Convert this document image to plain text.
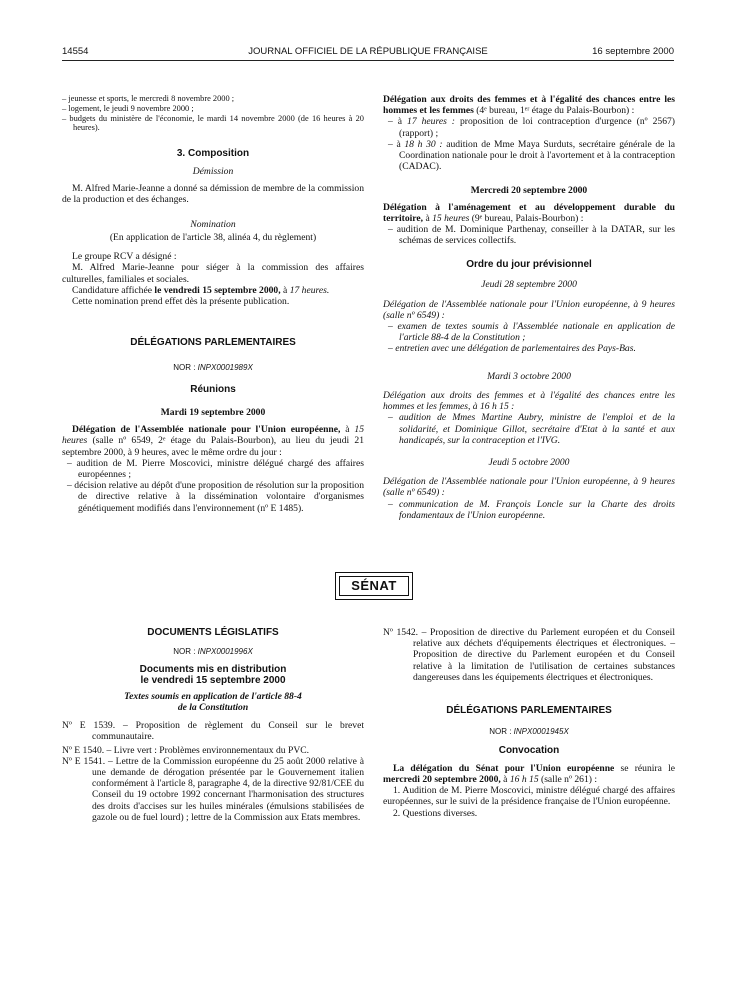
14554	JOURNAL OFFICIEL DE LA RÉPUBLIQUE FRANÇAISE	16 septembre 2000

– jeunesse et sports, le mercredi 8 novembre 2000 ;

– logement, le jeudi 9 novembre 2000 ;

– budgets du ministère de l'économie, le mardi 14 novembre 2000 (de 16 heures à 20 heures).

3. Composition

Démission

M. Alfred Marie-Jeanne a donné sa démission de membre de la commission de la production et des échanges.

Nomination

(En application de l'article 38, alinéa 4, du règlement)

Le groupe RCV a désigné :

M. Alfred Marie-Jeanne pour siéger à la commission des affaires culturelles, familiales et sociales.

Candidature affichée le vendredi 15 septembre 2000, à 17 heures.

Cette nomination prend effet dès la présente publication.

DÉLÉGATIONS PARLEMENTAIRES

NOR : INPX0001989X

Réunions

Mardi 19 septembre 2000

Délégation de l'Assemblée nationale pour l'Union européenne, à 15 heures (salle nº 6549, 2ᵉ étage du Palais-Bourbon), au lieu du jeudi 21 septembre 2000, à 9 heures, avec le même ordre du jour :

– audition de M. Pierre Moscovici, ministre délégué chargé des affaires européennes ;

– décision relative au dépôt d'une proposition de résolution sur la proposition de directive relative à la dissémination volontaire d'organismes génétiquement modifiés dans l'environnement (nº E 1485).

Délégation aux droits des femmes et à l'égalité des chances entre les hommes et les femmes (4ᵉ bureau, 1ᵉʳ étage du Palais-Bourbon) :

– à 17 heures : proposition de loi contraception d'urgence (nº 2567) (rapport) ;

– à 18 h 30 : audition de Mme Maya Surduts, secrétaire générale de la Coordination nationale pour le droit à l'avortement et à la contraception (CADAC).

Mercredi 20 septembre 2000

Délégation à l'aménagement et au développement durable du territoire, à 15 heures (9ᵉ bureau, Palais-Bourbon) :

– audition de M. Dominique Parthenay, conseiller à la DATAR, sur les schémas de services collectifs.

Ordre du jour prévisionnel

Jeudi 28 septembre 2000

Délégation de l'Assemblée nationale pour l'Union européenne, à 9 heures (salle nº 6549) :

– examen de textes soumis à l'Assemblée nationale en application de l'article 88-4 de la Constitution ;

– entretien avec une délégation de parlementaires des Pays-Bas.

Mardi 3 octobre 2000

Délégation aux droits des femmes et à l'égalité des chances entre les hommes et les femmes, à 16 h 15 :

– audition de Mmes Martine Aubry, ministre de l'emploi et de la solidarité, et Dominique Gillot, secrétaire d'Etat à la santé et aux handicapés, sur la contraception et l'IVG.

Jeudi 5 octobre 2000

Délégation de l'Assemblée nationale pour l'Union européenne, à 9 heures (salle nº 6549) :

– communication de M. François Loncle sur la Charte des droits fondamentaux de l'Union européenne.

SÉNAT

DOCUMENTS LÉGISLATIFS

NOR : INPX0001996X

Documents mis en distribution
le vendredi 15 septembre 2000

Textes soumis en application de l'article 88-4
de la Constitution

Nº E 1539. – Proposition de règlement du Conseil sur le brevet communautaire.

Nº E 1540. – Livre vert : Problèmes environnementaux du PVC.

Nº E 1541. – Lettre de la Commission européenne du 25 août 2000 relative à une demande de dérogation présentée par le Gouvernement italien conformément à l'article 8, paragraphe 4, de la directive 92/81/CEE du Conseil du 19 octobre 1992 concernant l'harmonisation des structures des droits d'accises sur les huiles minérales (émulsions stabilisées de gazole ou de fuel lourd) ; lettre de la Commission aux Etats membres.

Nº 1542. – Proposition de directive du Parlement européen et du Conseil relative aux déchets d'équipements électriques et électroniques. – Proposition de directive du Parlement européen et du Conseil relative à la limitation de l'utilisation de certaines substances dangereuses dans les équipements électriques et électroniques.

DÉLÉGATIONS PARLEMENTAIRES

NOR : INPX0001945X

Convocation

La délégation du Sénat pour l'Union européenne se réunira le mercredi 20 septembre 2000, à 16 h 15 (salle nº 261) :

1. Audition de M. Pierre Moscovici, ministre délégué chargé des affaires européennes, sur le suivi de la présidence française de l'Union européenne.

2. Questions diverses.
